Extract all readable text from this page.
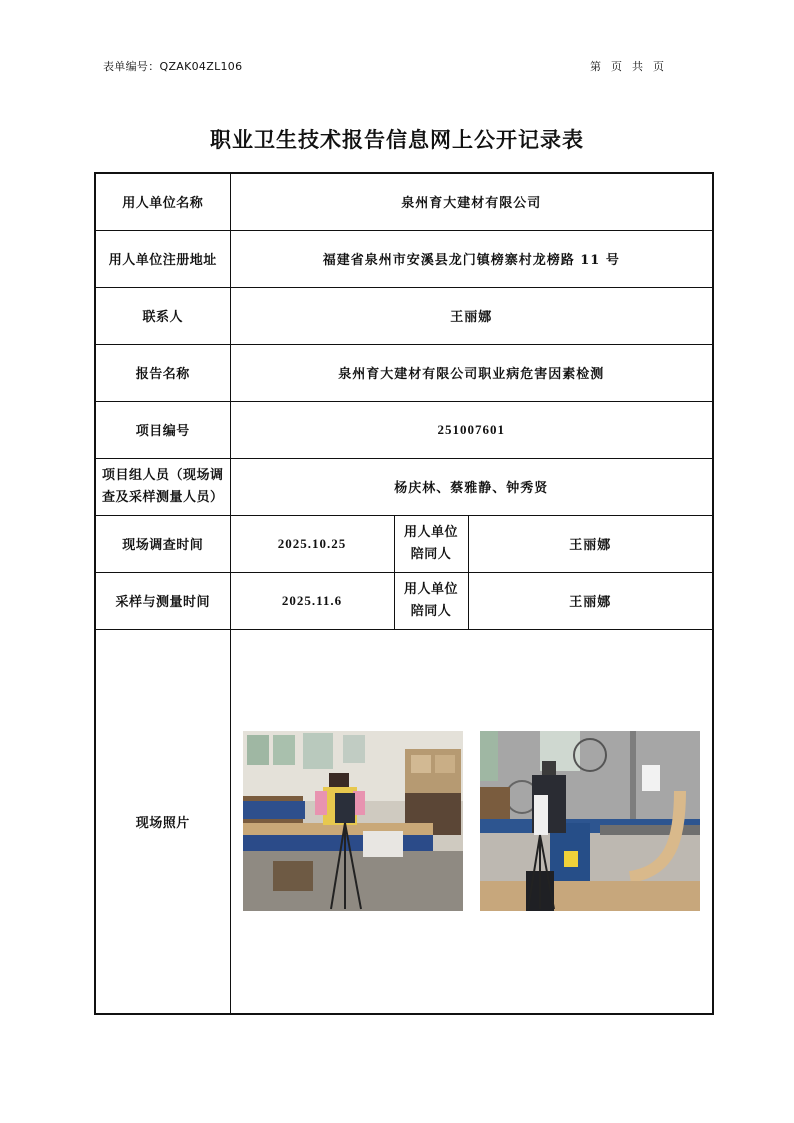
表单编号：QZAK04ZL106	第页共页
职业卫生技术报告信息网上公开记录表
用人单位名称	泉州育大建材有限公司		
用人单位注册地址	福建省泉州市安溪县龙门镇榜寨村龙榜路 11 号		
联系人	王丽娜		
报告名称	泉州育大建材有限公司职业病危害因素检测		
项目编号	251007601		
项目组人员（现场调查及采样测量人员）	杨庆林、蔡雅静、钟秀贤		
现场调查时间	2025.10.25	用人单位陪同人	王丽娜
采样与测量时间	2025.11.6	用人单位陪同人	王丽娜
现场照片	
